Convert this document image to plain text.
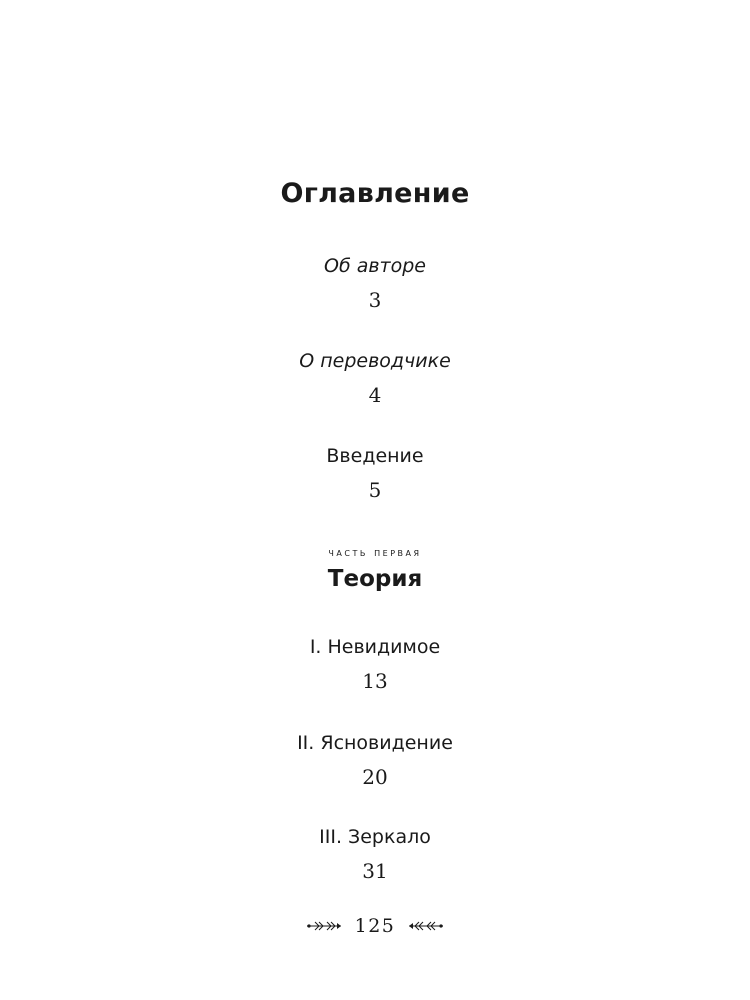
Оглавление
Об авторе
3
О переводчике
4
Введение
5
часть первая
Теория
I. Невидимое
13
II. Ясновидение
20
III. Зеркало
31
125
